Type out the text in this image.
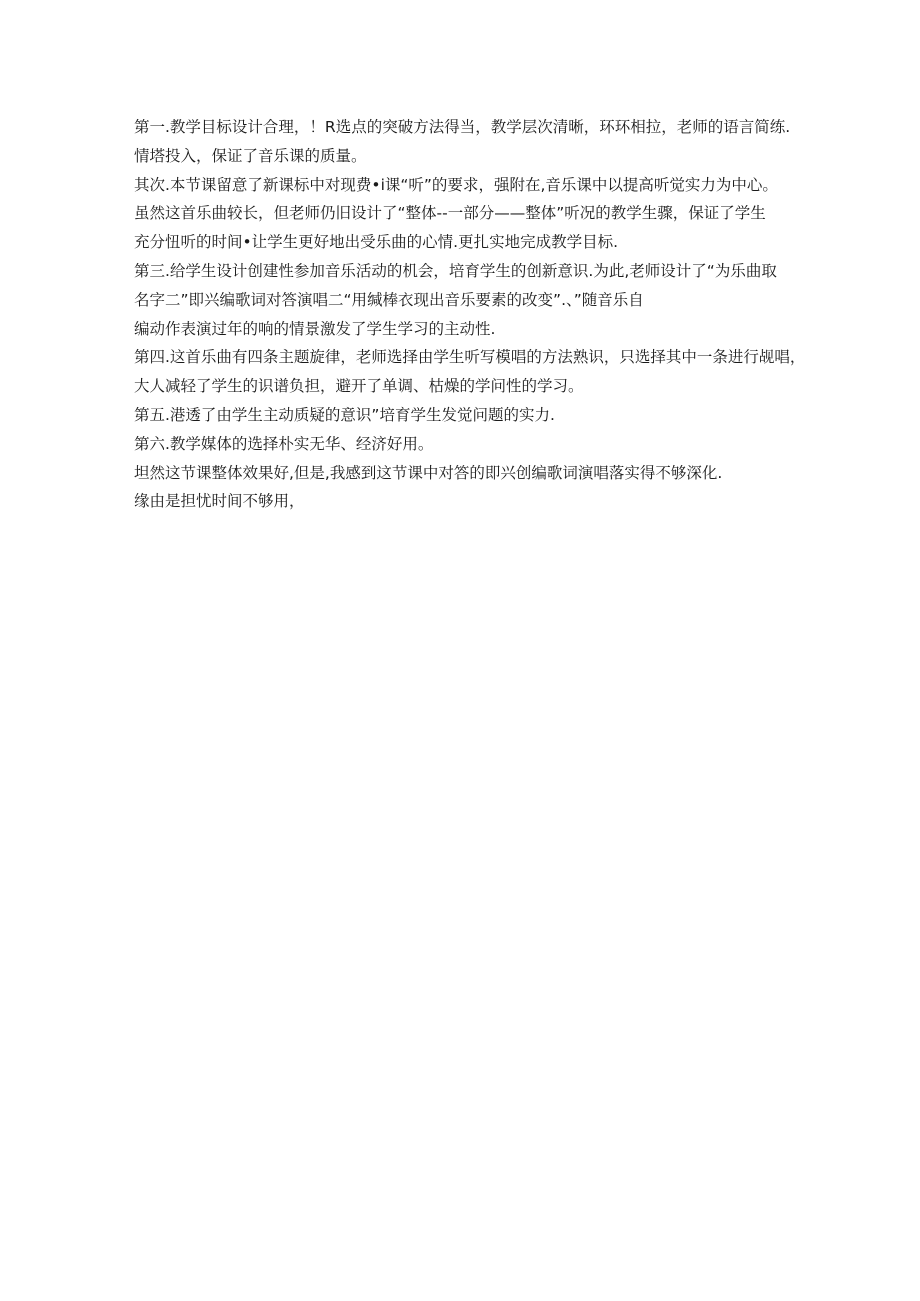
第一.教学目标设计合理，！R选点的突破方法得当，教学层次清晰，环环相拉，老师的语言简练.
情塔投入，保证了音乐课的质量。
其次.本节课留意了新课标中对现费•i课“听”的要求，强附在,音乐课中以提高听觉实力为中心。
虽然这首乐曲较长，但老师仍旧设计了“整体--一部分——整体”听况的教学生骤，保证了学生
充分忸听的时间•让学生更好地出受乐曲的心情.更扎实地完成教学目标.
第三.给学生设计创建性参加音乐活动的机会，培育学生的创新意识.为此,老师设计了“为乐曲取
名字二”即兴编歌词对答演唱二“用缄棒衣现出音乐要素的改变”.、”随音乐自
编动作表演过年的响的情景激发了学生学习的主动性.
第四.这首乐曲有四条主题旋律，老师选择由学生听写模唱的方法熟识，只选择其中一条进行觇唱，
大人减轻了学生的识谱负担，避开了单调、枯燥的学问性的学习。
第五.港透了由学生主动质疑的意识”培育学生发觉问题的实力.
第六.教学媒体的选择朴实无华、经济好用。
坦然这节课整体效果好,但是,我感到这节课中对答的即兴创编歌词演唱落实得不够深化.
缘由是担忧时间不够用，
